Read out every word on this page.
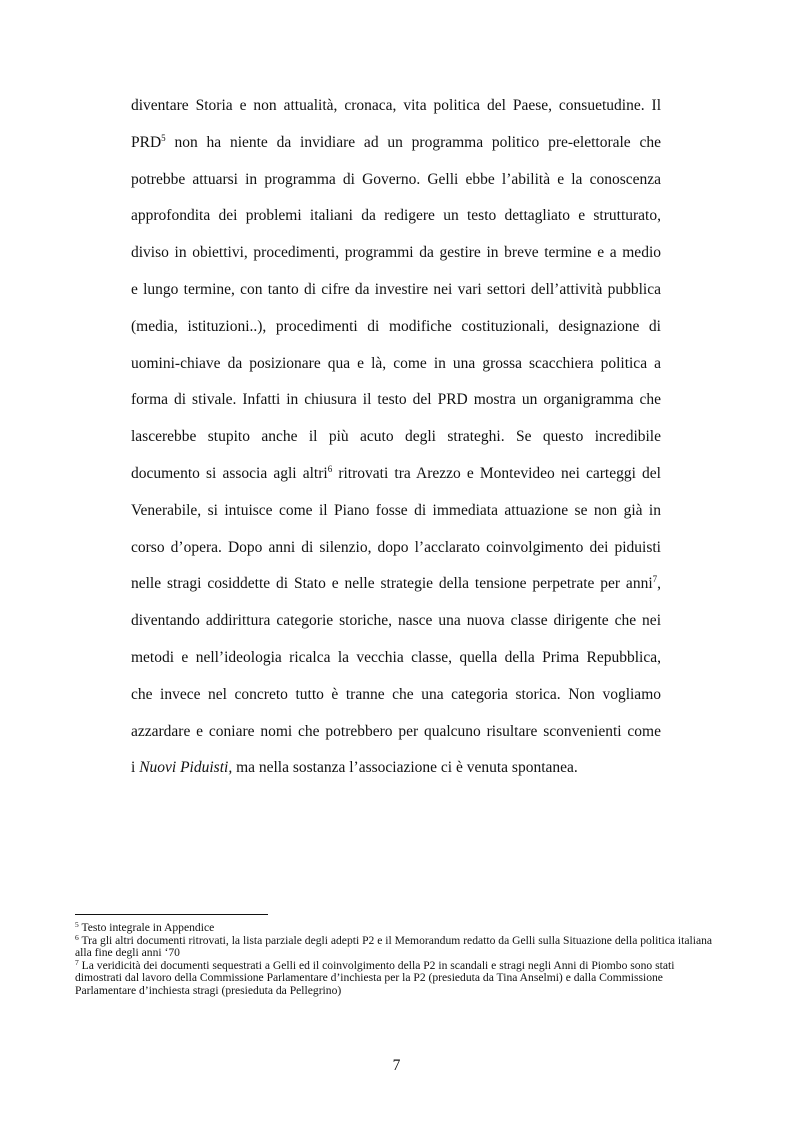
diventare Storia e non attualità, cronaca, vita politica del Paese, consuetudine. Il
PRD$^5$ non ha niente da invidiare ad un programma politico pre-elettorale che
potrebbe attuarsi in programma di Governo. Gelli ebbe l’abilità e la conoscenza
approfondita dei problemi italiani da redigere un testo dettagliato e strutturato,
diviso in obiettivi, procedimenti, programmi da gestire in breve termine e a medio
e lungo termine, con tanto di cifre da investire nei vari settori dell’attività pubblica
(media, istituzioni..), procedimenti di modifiche costituzionali, designazione di
uomini-chiave da posizionare qua e là, come in una grossa scacchiera politica a
forma di stivale. Infatti in chiusura il testo del PRD mostra un organigramma che
lascerebbe stupito anche il più acuto degli strateghi. Se questo incredibile
documento si associa agli altri$^6$ ritrovati tra Arezzo e Montevideo nei carteggi del
Venerabile, si intuisce come il Piano fosse di immediata attuazione se non già in
corso d’opera. Dopo anni di silenzio, dopo l’acclarato coinvolgimento dei piduisti
nelle stragi cosiddette di Stato e nelle strategie della tensione perpetrate per anni$^7$,
diventando addirittura categorie storiche, nasce una nuova classe dirigente che nei
metodi e nell’ideologia ricalca la vecchia classe, quella della Prima Repubblica,
che invece nel concreto tutto è tranne che una categoria storica. Non vogliamo
azzardare e coniare nomi che potrebbero per qualcuno risultare sconvenienti come
i Nuovi Piduisti, ma nella sostanza l’associazione ci è venuta spontanea.

$^5$ Testo integrale in Appendice

$^6$ Tra gli altri documenti ritrovati, la lista parziale degli adepti P2 e il Memorandum redatto da Gelli sulla Situazione della politica italiana alla fine degli anni ‘70

$^7$ La veridicità dei documenti sequestrati a Gelli ed il coinvolgimento della P2 in scandali e stragi negli Anni di Piombo sono stati dimostrati dal lavoro della Commissione Parlamentare d’inchiesta per la P2 (presieduta da Tina Anselmi) e dalla Commissione Parlamentare d’inchiesta stragi (presieduta da Pellegrino)

7
